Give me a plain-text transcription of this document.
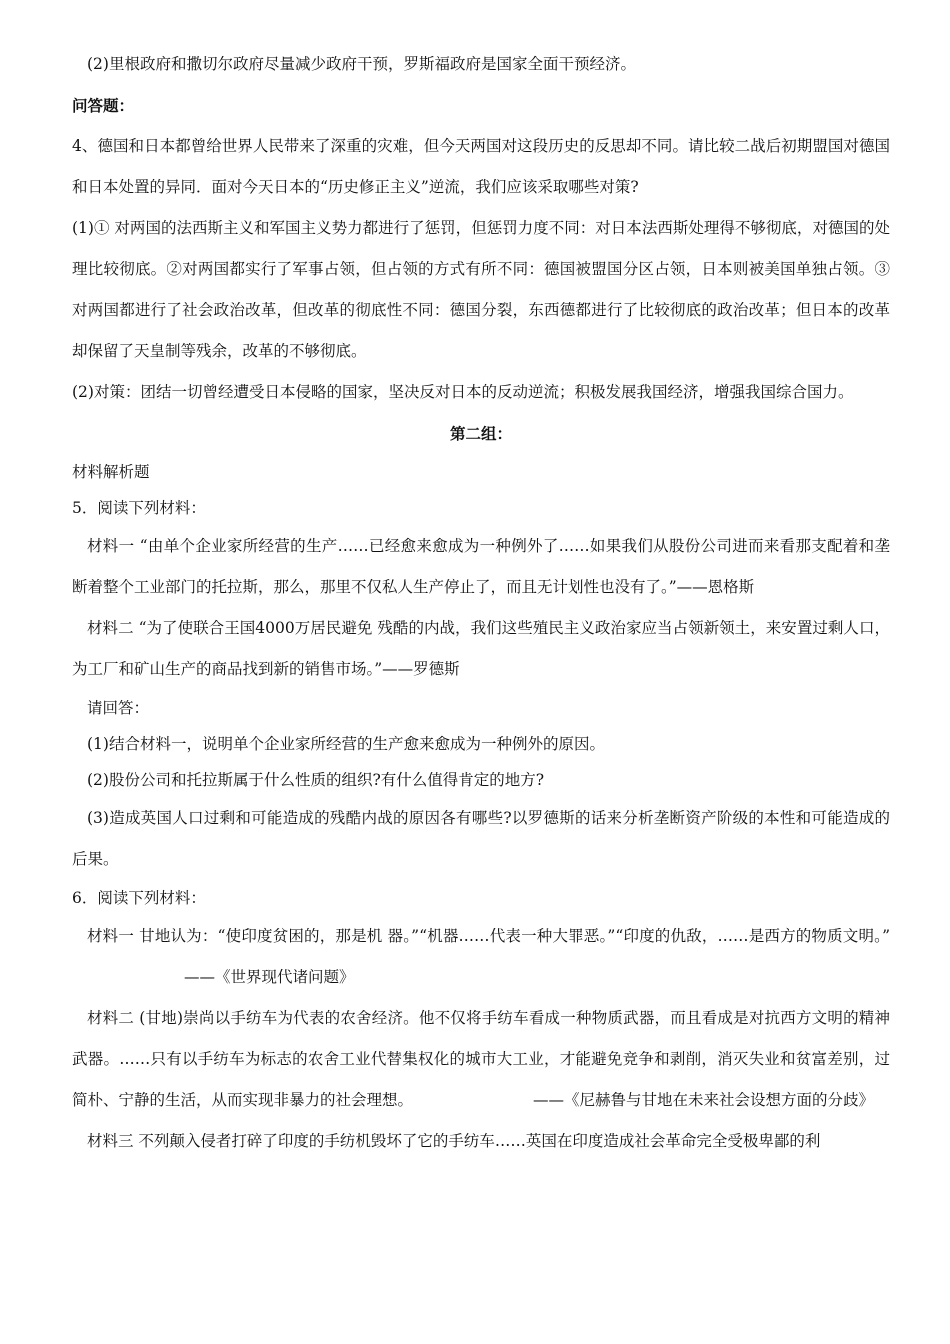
(2)里根政府和撒切尔政府尽量减少政府干预，罗斯福政府是国家全面干预经济。

问答题：

4、德国和日本都曾给世界人民带来了深重的灾难，但今天两国对这段历史的反思却不同。请比较二战后初期盟国对德国和日本处置的异同．面对今天日本的“历史修正主义”逆流，我们应该采取哪些对策?

(1)① 对两国的法西斯主义和军国主义势力都进行了惩罚，但惩罚力度不同：对日本法西斯处理得不够彻底，对德国的处理比较彻底。②对两国都实行了军事占领，但占领的方式有所不同：德国被盟国分区占领，日本则被美国单独占领。③对两国都进行了社会政治改革，但改革的彻底性不同：德国分裂，东西德都进行了比较彻底的政治改革；但日本的改革却保留了天皇制等残余，改革的不够彻底。

(2)对策：团结一切曾经遭受日本侵略的国家，坚决反对日本的反动逆流；积极发展我国经济，增强我国综合国力。

第二组：

材料解析题

5．阅读下列材料：

材料一 “由单个企业家所经营的生产……已经愈来愈成为一种例外了……如果我们从股份公司进而来看那支配着和垄断着整个工业部门的托拉斯，那么，那里不仅私人生产停止了，而且无计划性也没有了。”——恩格斯

材料二 “为了使联合王国4000万居民避免 残酷的内战，我们这些殖民主义政治家应当占领新领土，来安置过剩人口，为工厂和矿山生产的商品找到新的销售市场。”——罗德斯

请回答：

(1)结合材料一，说明单个企业家所经营的生产愈来愈成为一种例外的原因。

(2)股份公司和托拉斯属于什么性质的组织?有什么值得肯定的地方?

(3)造成英国人口过剩和可能造成的残酷内战的原因各有哪些?以罗德斯的话来分析垄断资产阶级的本性和可能造成的后果。

6．阅读下列材料：

材料一 甘地认为：“使印度贫困的，那是机 器。”“机器……代表一种大罪恶。”“印度的仇敌，……是西方的物质文明。”——《世界现代诸问题》

材料二 (甘地)崇尚以手纺车为代表的农舍经济。他不仅将手纺车看成一种物质武器，而且看成是对抗西方文明的精神武器。……只有以手纺车为标志的农舍工业代替集权化的城市大工业，才能避免竞争和剥削，消灭失业和贫富差别，过简朴、宁静的生活，从而实现非暴力的社会理想。	——《尼赫鲁与甘地在未来社会设想方面的分歧》

材料三 不列颠入侵者打碎了印度的手纺机毁坏了它的手纺车……英国在印度造成社会革命完全受极卑鄙的利
